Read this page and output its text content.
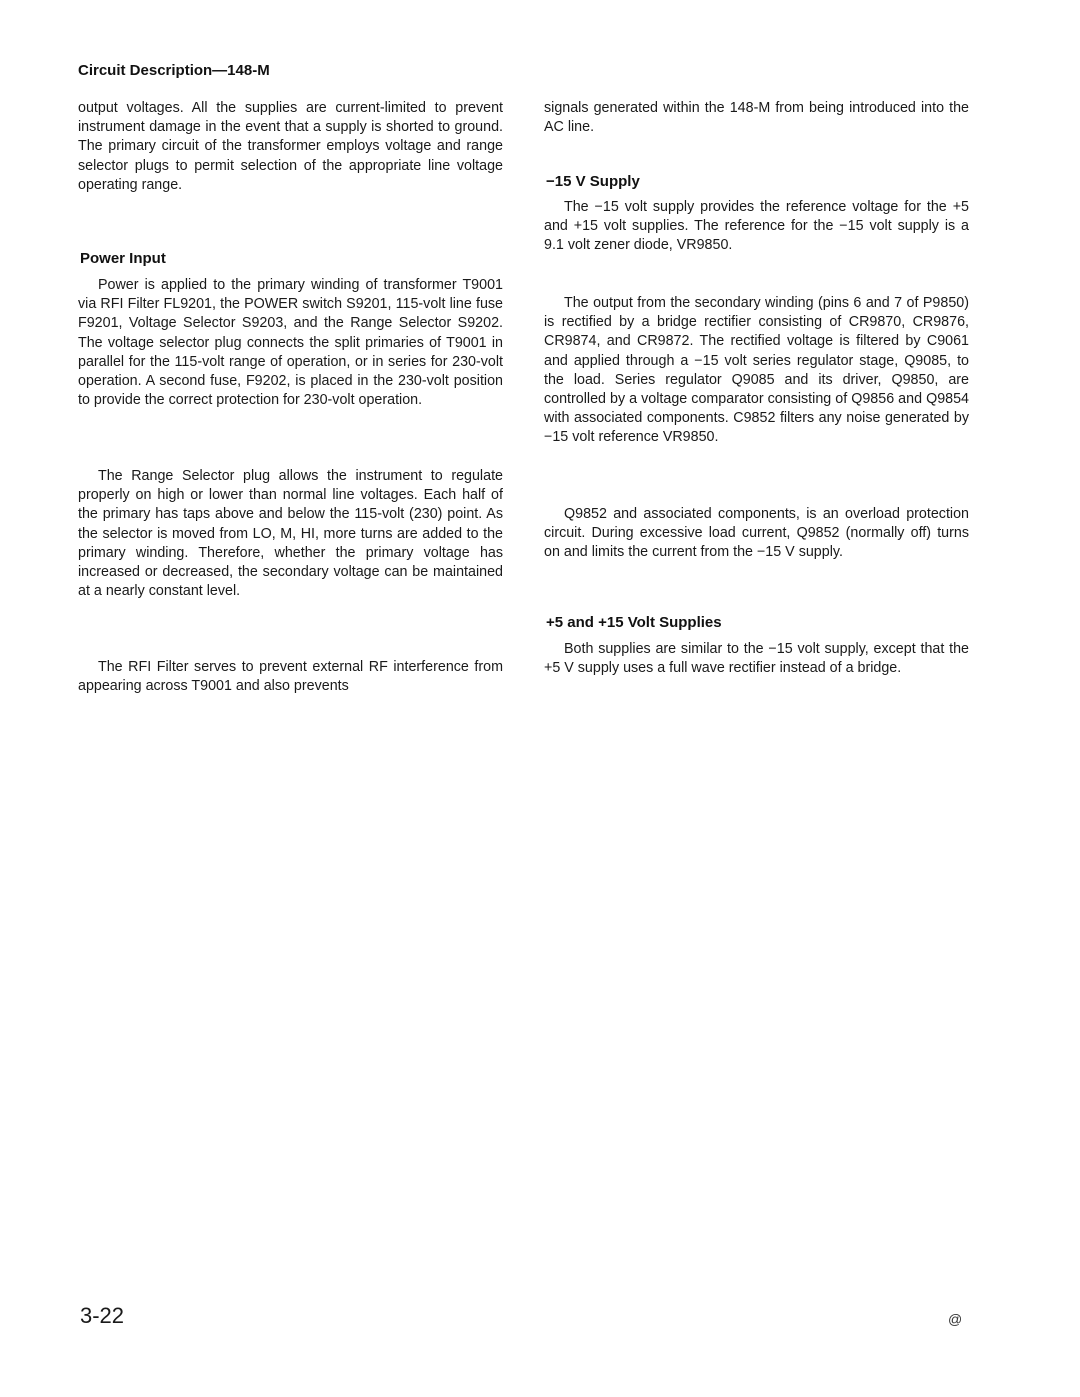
Circuit Description—148-M

output voltages. All the supplies are current-limited to prevent instrument damage in the event that a supply is shorted to ground. The primary circuit of the transformer employs voltage and range selector plugs to permit selection of the appropriate line voltage operating range.

Power Input

Power is applied to the primary winding of transformer T9001 via RFI Filter FL9201, the POWER switch S9201, 115-volt line fuse F9201, Voltage Selector S9203, and the Range Selector S9202. The voltage selector plug connects the split primaries of T9001 in parallel for the 115-volt range of operation, or in series for 230-volt operation. A second fuse, F9202, is placed in the 230-volt position to provide the correct protection for 230-volt operation.

The Range Selector plug allows the instrument to regulate properly on high or lower than normal line voltages. Each half of the primary has taps above and below the 115-volt (230) point. As the selector is moved from LO, M, HI, more turns are added to the primary winding. Therefore, whether the primary voltage has increased or decreased, the secondary voltage can be maintained at a nearly constant level.

The RFI Filter serves to prevent external RF interference from appearing across T9001 and also prevents

signals generated within the 148-M from being introduced into the AC line.

−15 V Supply

The −15 volt supply provides the reference voltage for the +5 and +15 volt supplies. The reference for the −15 volt supply is a 9.1 volt zener diode, VR9850.

The output from the secondary winding (pins 6 and 7 of P9850) is rectified by a bridge rectifier consisting of CR9870, CR9876, CR9874, and CR9872. The rectified voltage is filtered by C9061 and applied through a −15 volt series regulator stage, Q9085, to the load. Series regulator Q9085 and its driver, Q9850, are controlled by a voltage comparator consisting of Q9856 and Q9854 with associated components. C9852 filters any noise generated by −15 volt reference VR9850.

Q9852 and associated components, is an overload protection circuit. During excessive load current, Q9852 (normally off) turns on and limits the current from the −15 V supply.

+5 and +15 Volt Supplies

Both supplies are similar to the −15 volt supply, except that the +5 V supply uses a full wave rectifier instead of a bridge.

3-22	@
